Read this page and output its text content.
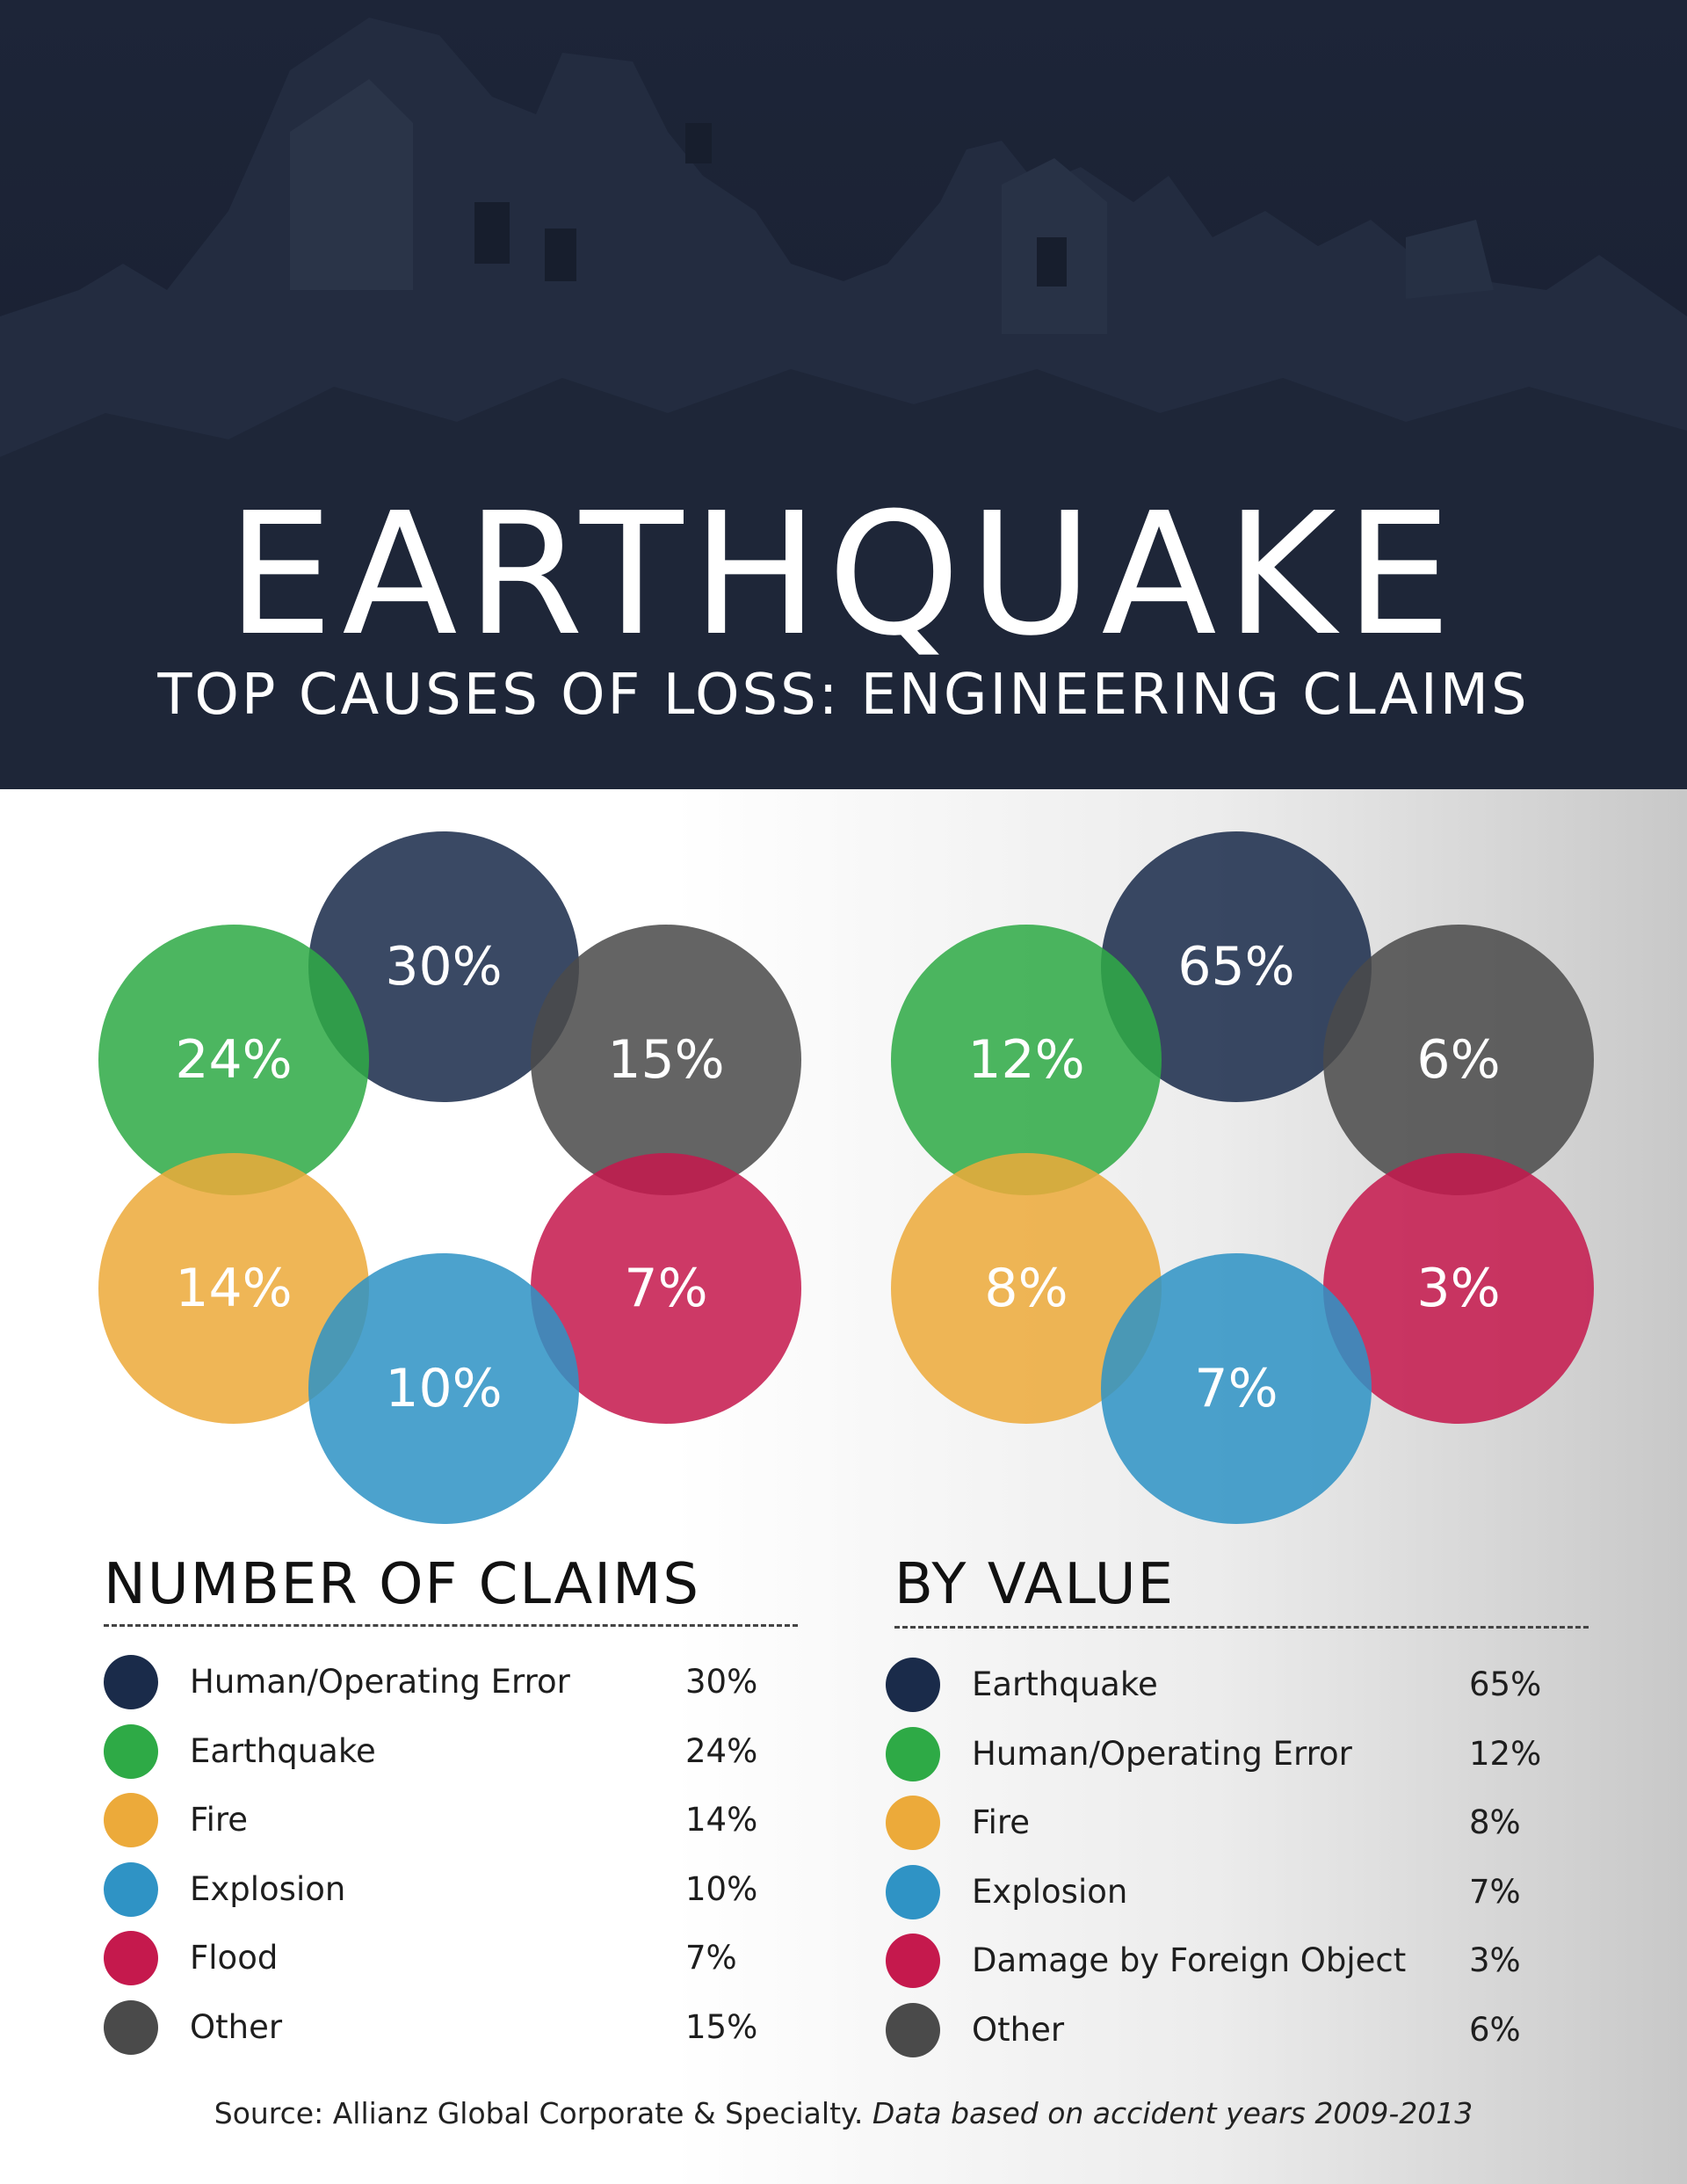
EARTHQUAKE

TOP CAUSES OF LOSS: ENGINEERING CLAIMS

30%
24%
14%
10%
7%
15%
65%
12%
8%
7%
3%
6%
NUMBER OF CLAIMS	BY VALUE
Human/Operating Error	30%
Earthquake	24%
Fire	14%
Explosion	10%
Flood	7%
Other	15%
Earthquake	65%
Human/Operating Error	12%
Fire	8%
Explosion	7%
Damage by Foreign Object 3%
Other	6%

Source: Allianz Global Corporate & Specialty. Data based on accident years 2009-2013
